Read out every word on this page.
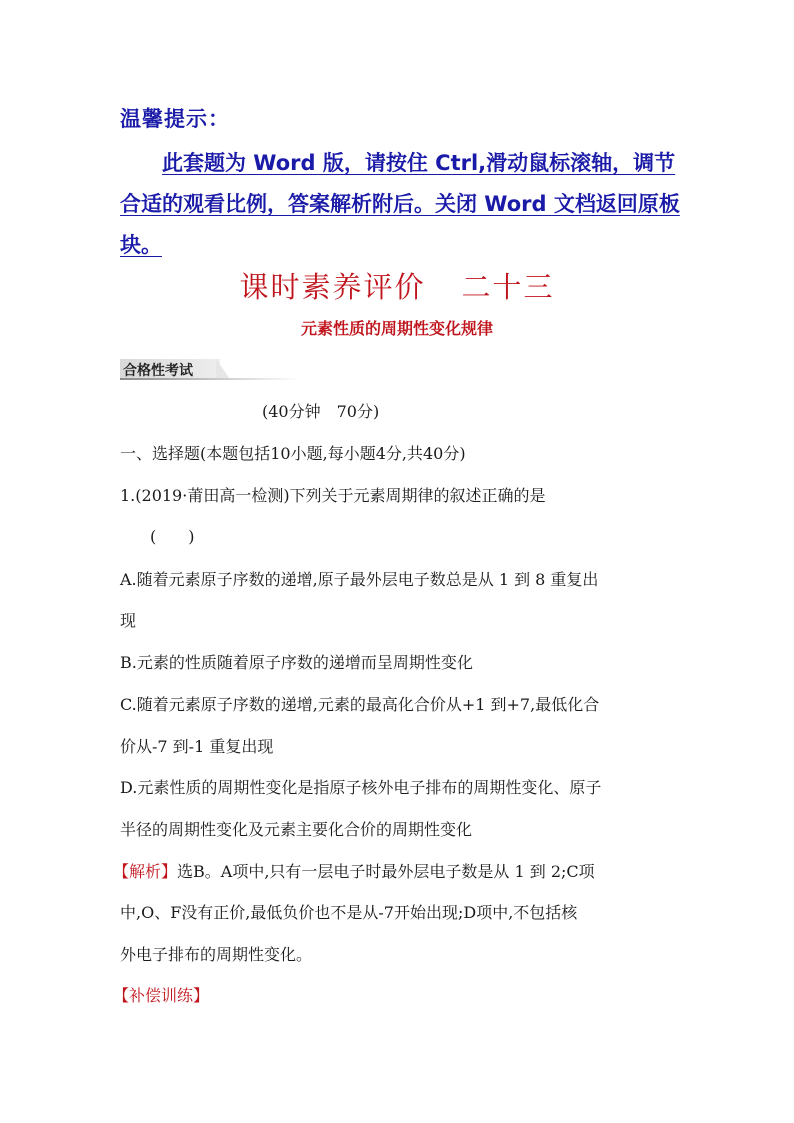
温馨提示：
此套题为 Word 版，请按住 Ctrl,滑动鼠标滚轴，调节合适的观看比例，答案解析附后。关闭 Word 文档返回原板块。
课时素养评价 二十三
元素性质的周期性变化规律
合格性考试
(40分钟　70分)
一、选择题(本题包括10小题,每小题4分,共40分)
1.(2019·莆田高一检测)下列关于元素周期律的叙述正确的是
(　　)
A.随着元素原子序数的递增,原子最外层电子数总是从 1 到 8 重复出
现
B.元素的性质随着原子序数的递增而呈周期性变化
C.随着元素原子序数的递增,元素的最高化合价从+1 到+7,最低化合
价从-7 到-1 重复出现
D.元素性质的周期性变化是指原子核外电子排布的周期性变化、原子
半径的周期性变化及元素主要化合价的周期性变化
【解析】选B。A项中,只有一层电子时最外层电子数是从 1 到 2;C项
中,O、F没有正价,最低负价也不是从-7开始出现;D项中,不包括核
外电子排布的周期性变化。
【补偿训练】
